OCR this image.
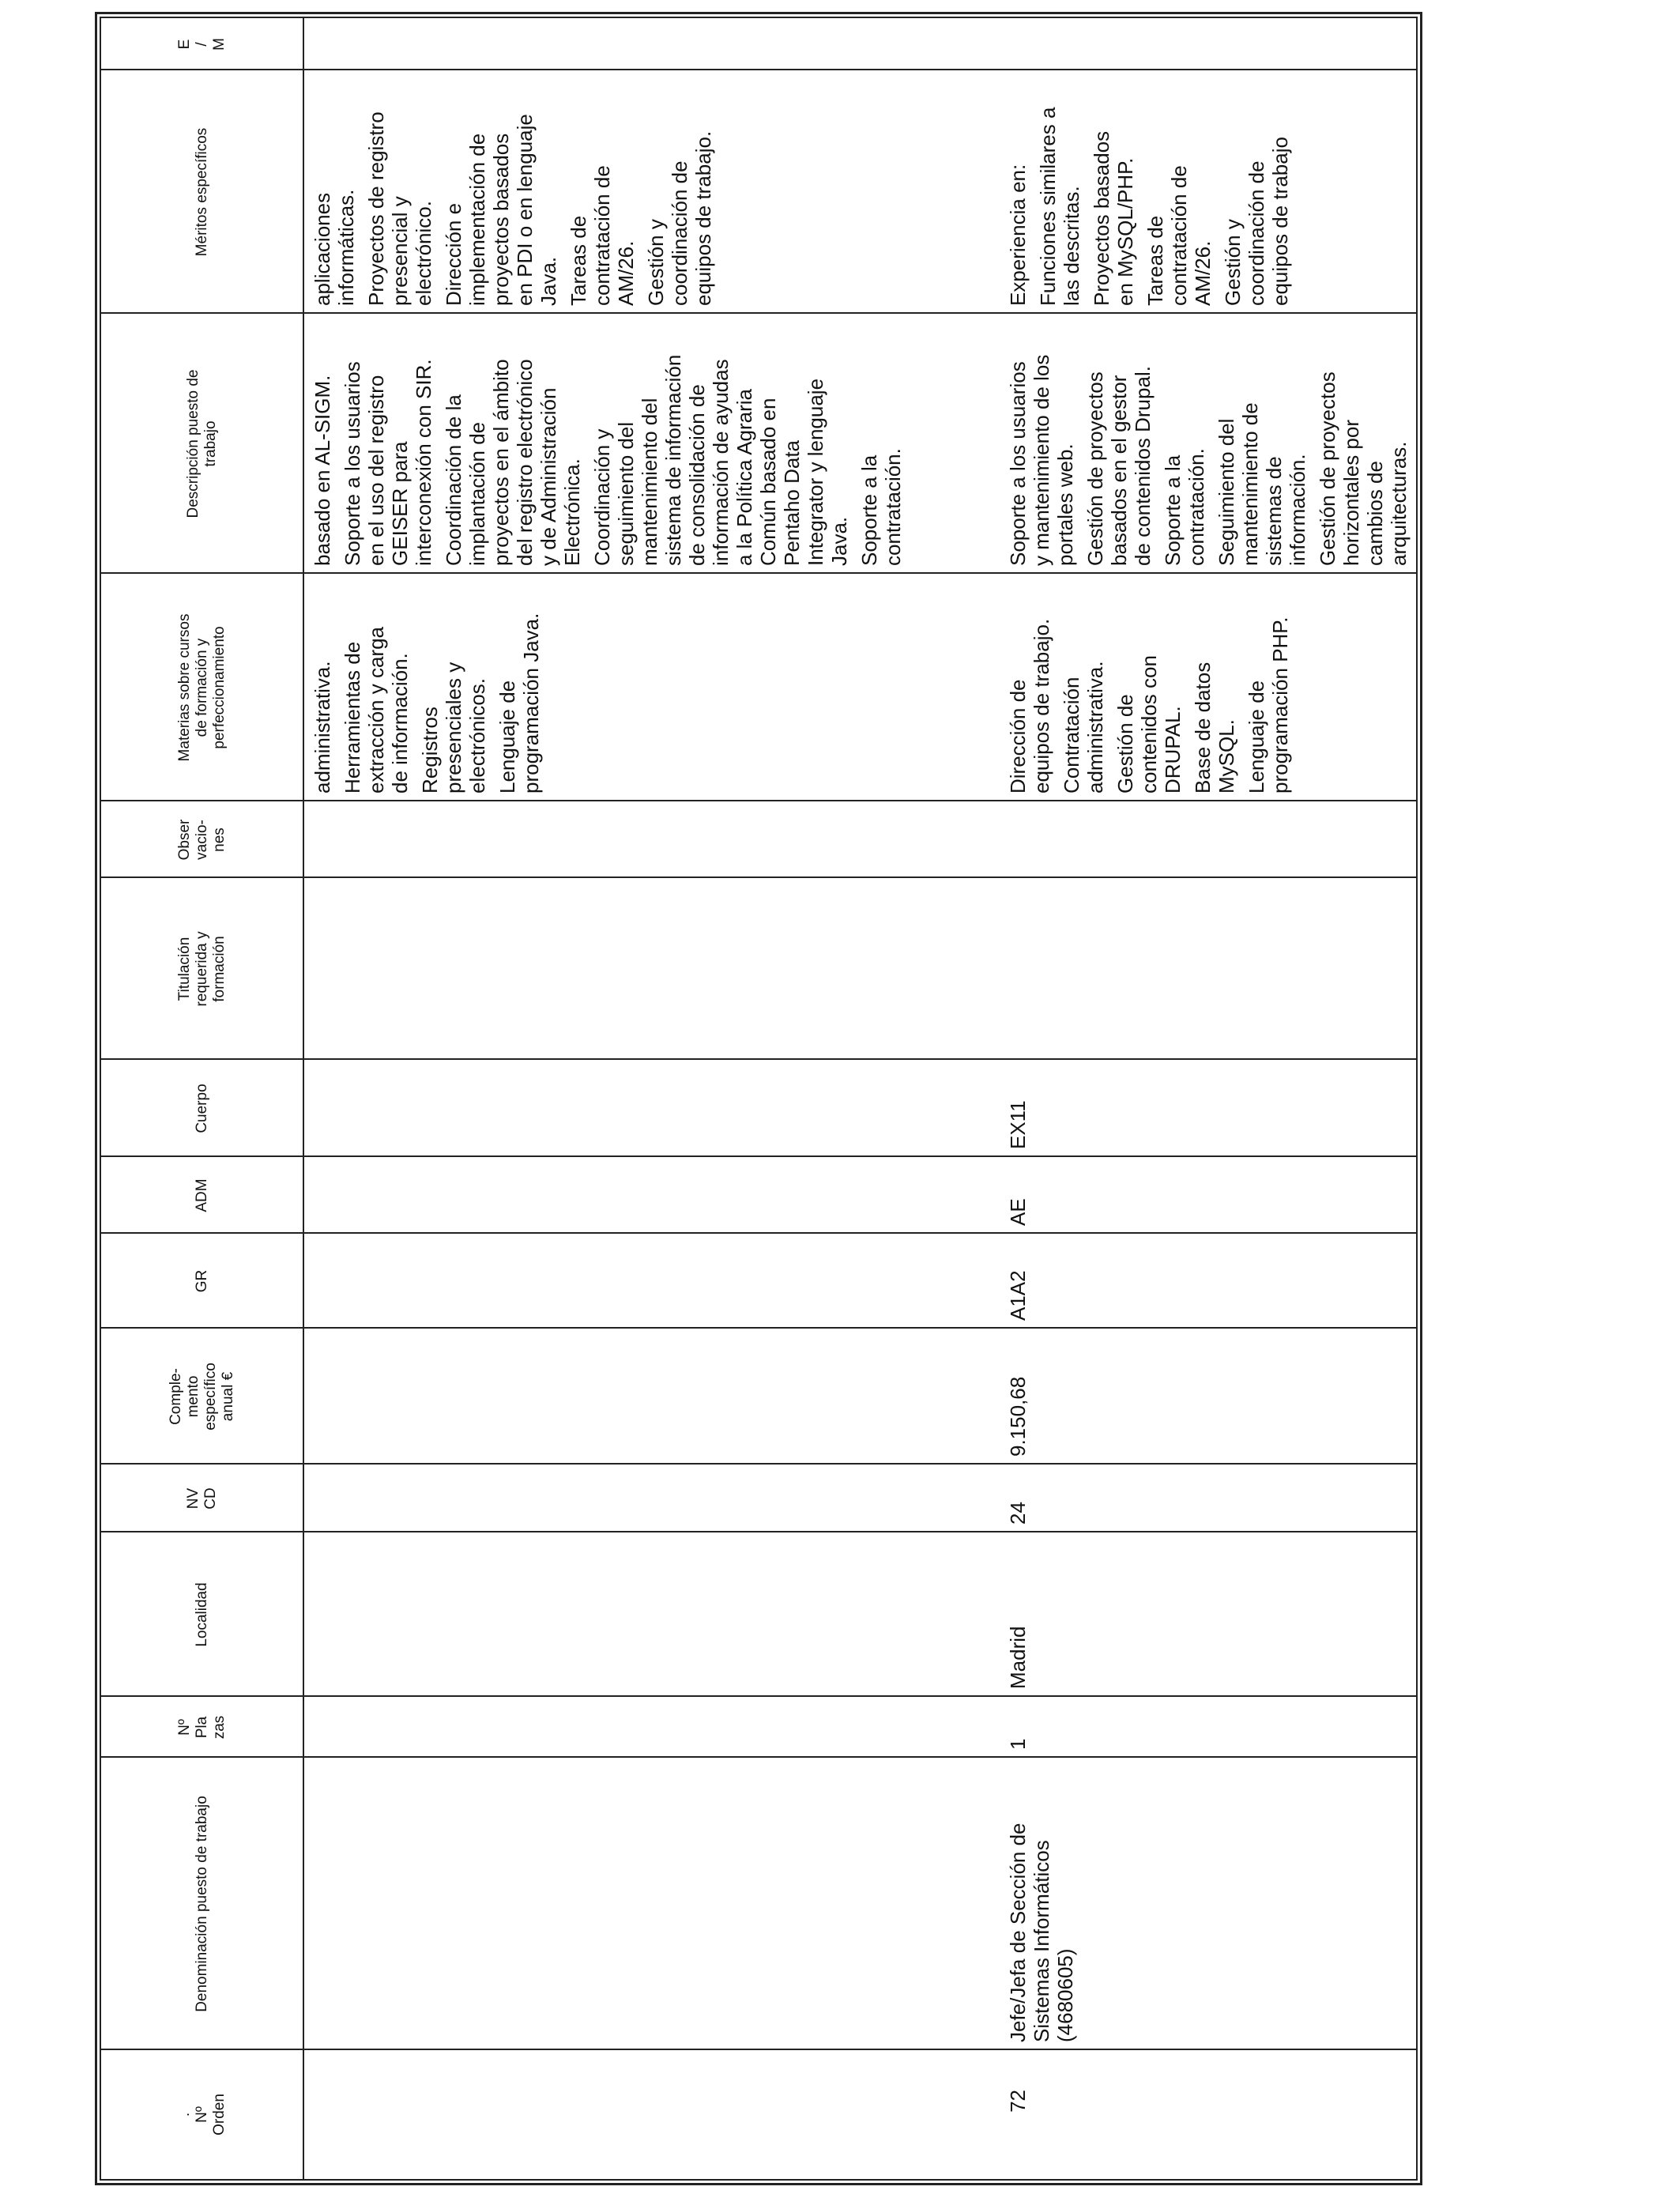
.
Nº
Orden
Denominación puesto de trabajo
Nº
Pla
zas
Localidad
NV
CD
Comple-
mento
específico
anual €
GR
ADM
Cuerpo
Titulación
requerida y
formación
Obser
vacio-
nes
Materias sobre cursos
de formación y
perfeccionamiento
Descripción puesto de
trabajo
Méritos específicos
E
/
M
administrativa. Herramientas de
extracción y carga
de información. Registros
presenciales y
electrónicos. Lenguaje de
programación Java.
basado en AL-SIGM. Soporte a los usuarios
en el uso del registro
GEISER para
interconexión con SIR.
Coordinación de la
implantación de
proyectos en el ámbito
del registro electrónico
y de Administración
Electrónica. Coordinación y
seguimiento del
mantenimiento del
sistema de información
de consolidación de
información de ayudas
a la Política Agraria
Común basado en
Pentaho Data
Integrator y lenguaje
Java. Soporte a la
contratación.
aplicaciones
informáticas. Proyectos de registro
presencial y
electrónico. Dirección e
implementación de
proyectos basados
en PDI o en lenguaje
Java. Tareas de
contratación de
AM/26. Gestión y
coordinación de
equipos de trabajo.
72
Jefe/Jefa de Sección de
Sistemas Informáticos
(4680605)
1
Madrid
24
9.150,68
A1A2
AE
EX11
Dirección de
equipos de trabajo.
Contratación
administrativa. Gestión de
contenidos con
DRUPAL. Base de datos
MySQL. Lenguaje de
programación PHP.
Soporte a los usuarios
y mantenimiento de los
portales web.
Gestión de proyectos
basados en el gestor
de contenidos Drupal.
Soporte a la
contratación. Seguimiento del
mantenimiento de
sistemas de
información. Gestión de proyectos
horizontales por
cambios de
arquitecturas.
Experiencia en: Funciones similares a
las descritas. Proyectos basados
en MySQL/PHP. Tareas de
contratación de
AM/26. Gestión y
coordinación de
equipos de trabajo
